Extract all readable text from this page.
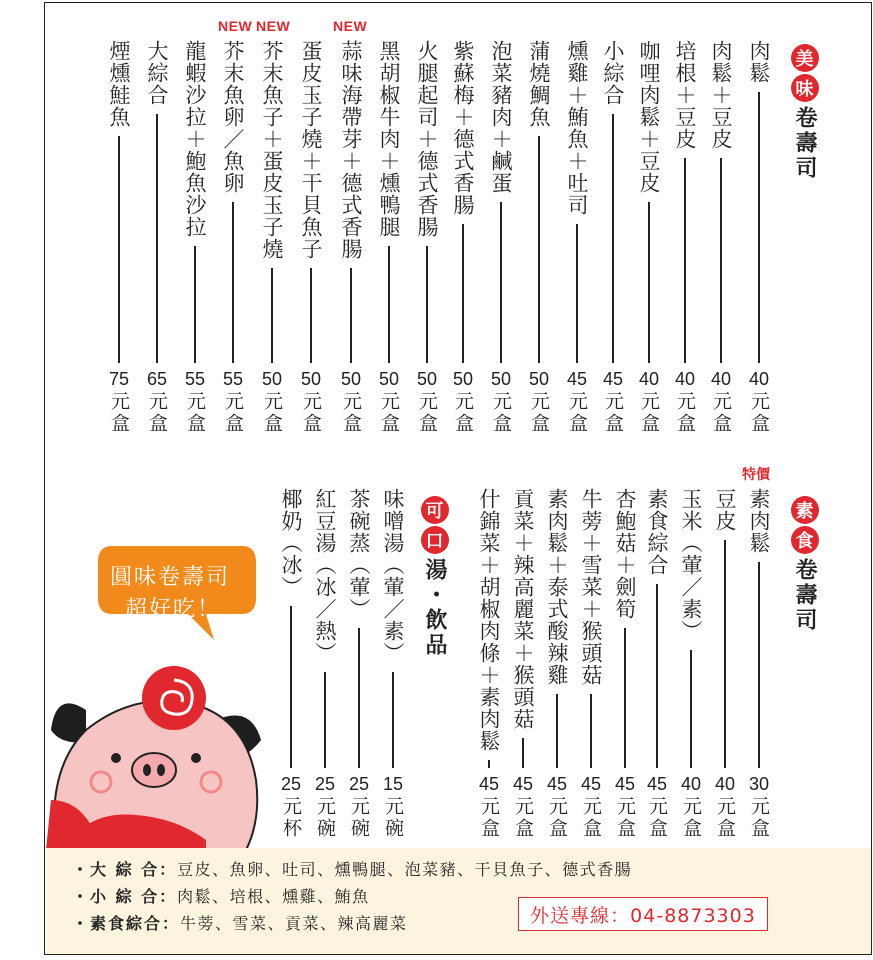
美
味
卷壽司
NEW NEW	NEW
肉鬆
40
元盒
肉鬆＋豆皮
40
元盒
培根＋豆皮
40
元盒
咖哩肉鬆＋豆皮
40
元盒
小綜合
45
元盒
燻雞＋鮪魚＋吐司
45
元盒
蒲燒鯛魚
50
元盒
泡菜豬肉＋鹹蛋
50
元盒
紫蘇梅＋德式香腸
50
元盒
火腿起司＋德式香腸
50
元盒
黑胡椒牛肉＋燻鴨腿
50
元盒
蒜味海帶芽＋德式香腸
50
元盒
蛋皮玉子燒＋干貝魚子
50
元盒
芥末魚子＋蛋皮玉子燒
50
元盒
芥末魚卵／魚卵
55
元盒
龍蝦沙拉＋鮑魚沙拉
55
元盒
大綜合
65
元盒
煙燻鮭魚
75
元盒
特價
素
食
卷壽司
素肉鬆
30
元盒
豆皮
40
元盒
玉米（葷／素）
40
元盒
素食綜合
45
元盒
杏鮑菇＋劍筍
45
元盒
牛蒡＋雪菜＋猴頭菇
45
元盒
素肉鬆＋泰式酸辣雞
45
元盒
貢菜＋辣高麗菜＋猴頭菇
45
元盒
什錦菜＋胡椒肉條＋素肉鬆
45
元盒
可
口
湯・飲品
味噌湯（葷／素）
15
元碗
茶碗蒸（葷）
25
元碗
紅豆湯（冰／熱）
25
元碗
椰奶（冰）
25
元杯
圓味卷壽司
超好吃！
・大 綜 合：豆皮、魚卵、吐司、燻鴨腿、泡菜豬、干貝魚子、德式香腸
・小 綜 合：肉鬆、培根、燻雞、鮪魚
・素食綜合：牛蒡、雪菜、貢菜、辣高麗菜	外送專線：04-8873303
